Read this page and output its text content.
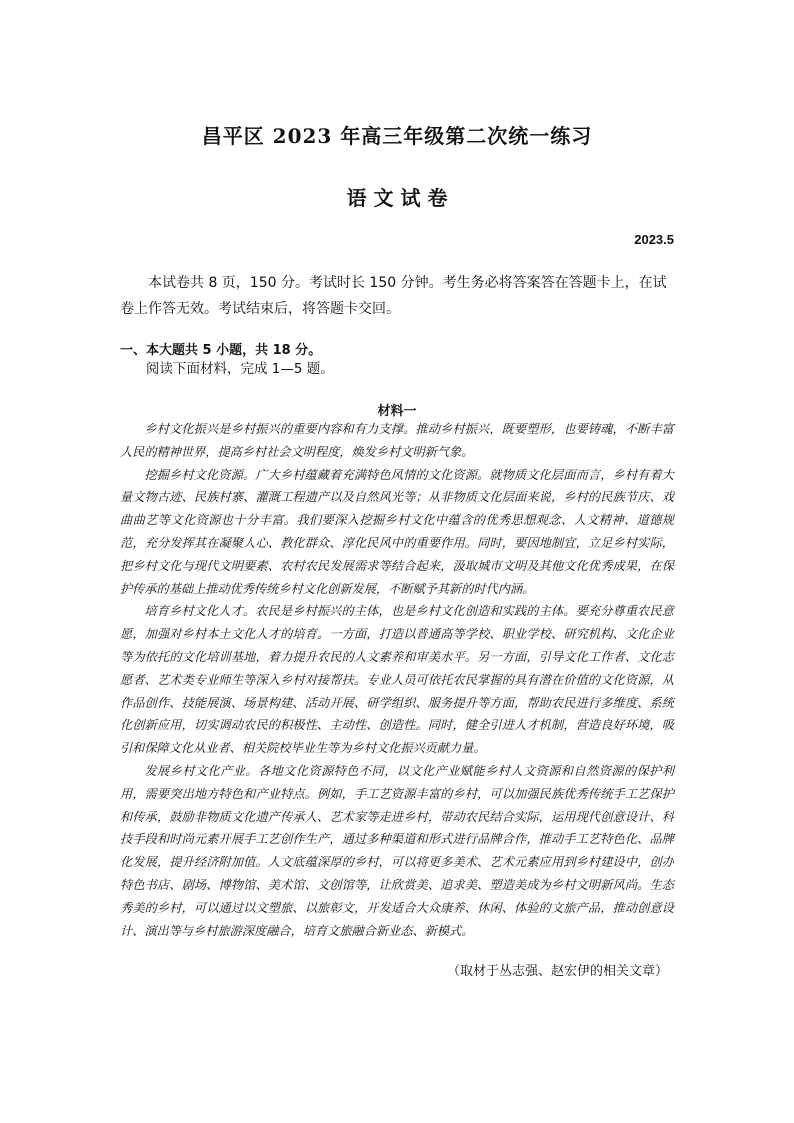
昌平区 2023 年高三年级第二次统一练习
语 文 试 卷
2023.5
本试卷共 8 页，150 分。考试时长 150 分钟。考生务必将答案答在答题卡上，在试卷上作答无效。考试结束后，将答题卡交回。
一、本大题共 5 小题，共 18 分。
阅读下面材料，完成 1—5 题。
材料一

乡村文化振兴是乡村振兴的重要内容和有力支撑。推动乡村振兴，既要塑形，也要铸魂，不断丰富人民的精神世界，提高乡村社会文明程度，焕发乡村文明新气象。

挖掘乡村文化资源。广大乡村蕴藏着充满特色风情的文化资源。就物质文化层面而言，乡村有着大量文物古迹、民族村寨、灌溉工程遗产以及自然风光等；从非物质文化层面来说，乡村的民族节庆、戏曲曲艺等文化资源也十分丰富。我们要深入挖掘乡村文化中蕴含的优秀思想观念、人文精神、道德规范，充分发挥其在凝聚人心、教化群众、淳化民风中的重要作用。同时，要因地制宜，立足乡村实际，把乡村文化与现代文明要素、农村农民发展需求等结合起来，汲取城市文明及其他文化优秀成果，在保护传承的基础上推动优秀传统乡村文化创新发展，不断赋予其新的时代内涵。

培育乡村文化人才。农民是乡村振兴的主体，也是乡村文化创造和实践的主体。要充分尊重农民意愿，加强对乡村本土文化人才的培育。一方面，打造以普通高等学校、职业学校、研究机构、文化企业等为依托的文化培训基地，着力提升农民的人文素养和审美水平。另一方面，引导文化工作者、文化志愿者、艺术类专业师生等深入乡村对接帮扶。专业人员可依托农民掌握的具有潜在价值的文化资源，从作品创作、技能展演、场景构建、活动开展、研学组织、服务提升等方面，帮助农民进行多维度、系统化创新应用，切实调动农民的积极性、主动性、创造性。同时，健全引进人才机制，营造良好环境，吸引和保障文化从业者、相关院校毕业生等为乡村文化振兴贡献力量。

发展乡村文化产业。各地文化资源特色不同，以文化产业赋能乡村人文资源和自然资源的保护利用，需要突出地方特色和产业特点。例如，手工艺资源丰富的乡村，可以加强民族优秀传统手工艺保护和传承，鼓励非物质文化遗产传承人、艺术家等走进乡村，带动农民结合实际，运用现代创意设计、科技手段和时尚元素开展手工艺创作生产，通过多种渠道和形式进行品牌合作，推动手工艺特色化、品牌化发展，提升经济附加值。人文底蕴深厚的乡村，可以将更多美术、艺术元素应用到乡村建设中，创办特色书店、剧场、博物馆、美术馆、文创馆等，让欣赏美、追求美、塑造美成为乡村文明新风尚。生态秀美的乡村，可以通过以文塑旅、以旅彰文，开发适合大众康养、休闲、体验的文旅产品，推动创意设计、演出等与乡村旅游深度融合，培育文旅融合新业态、新模式。

（取材于丛志强、赵宏伊的相关文章）
